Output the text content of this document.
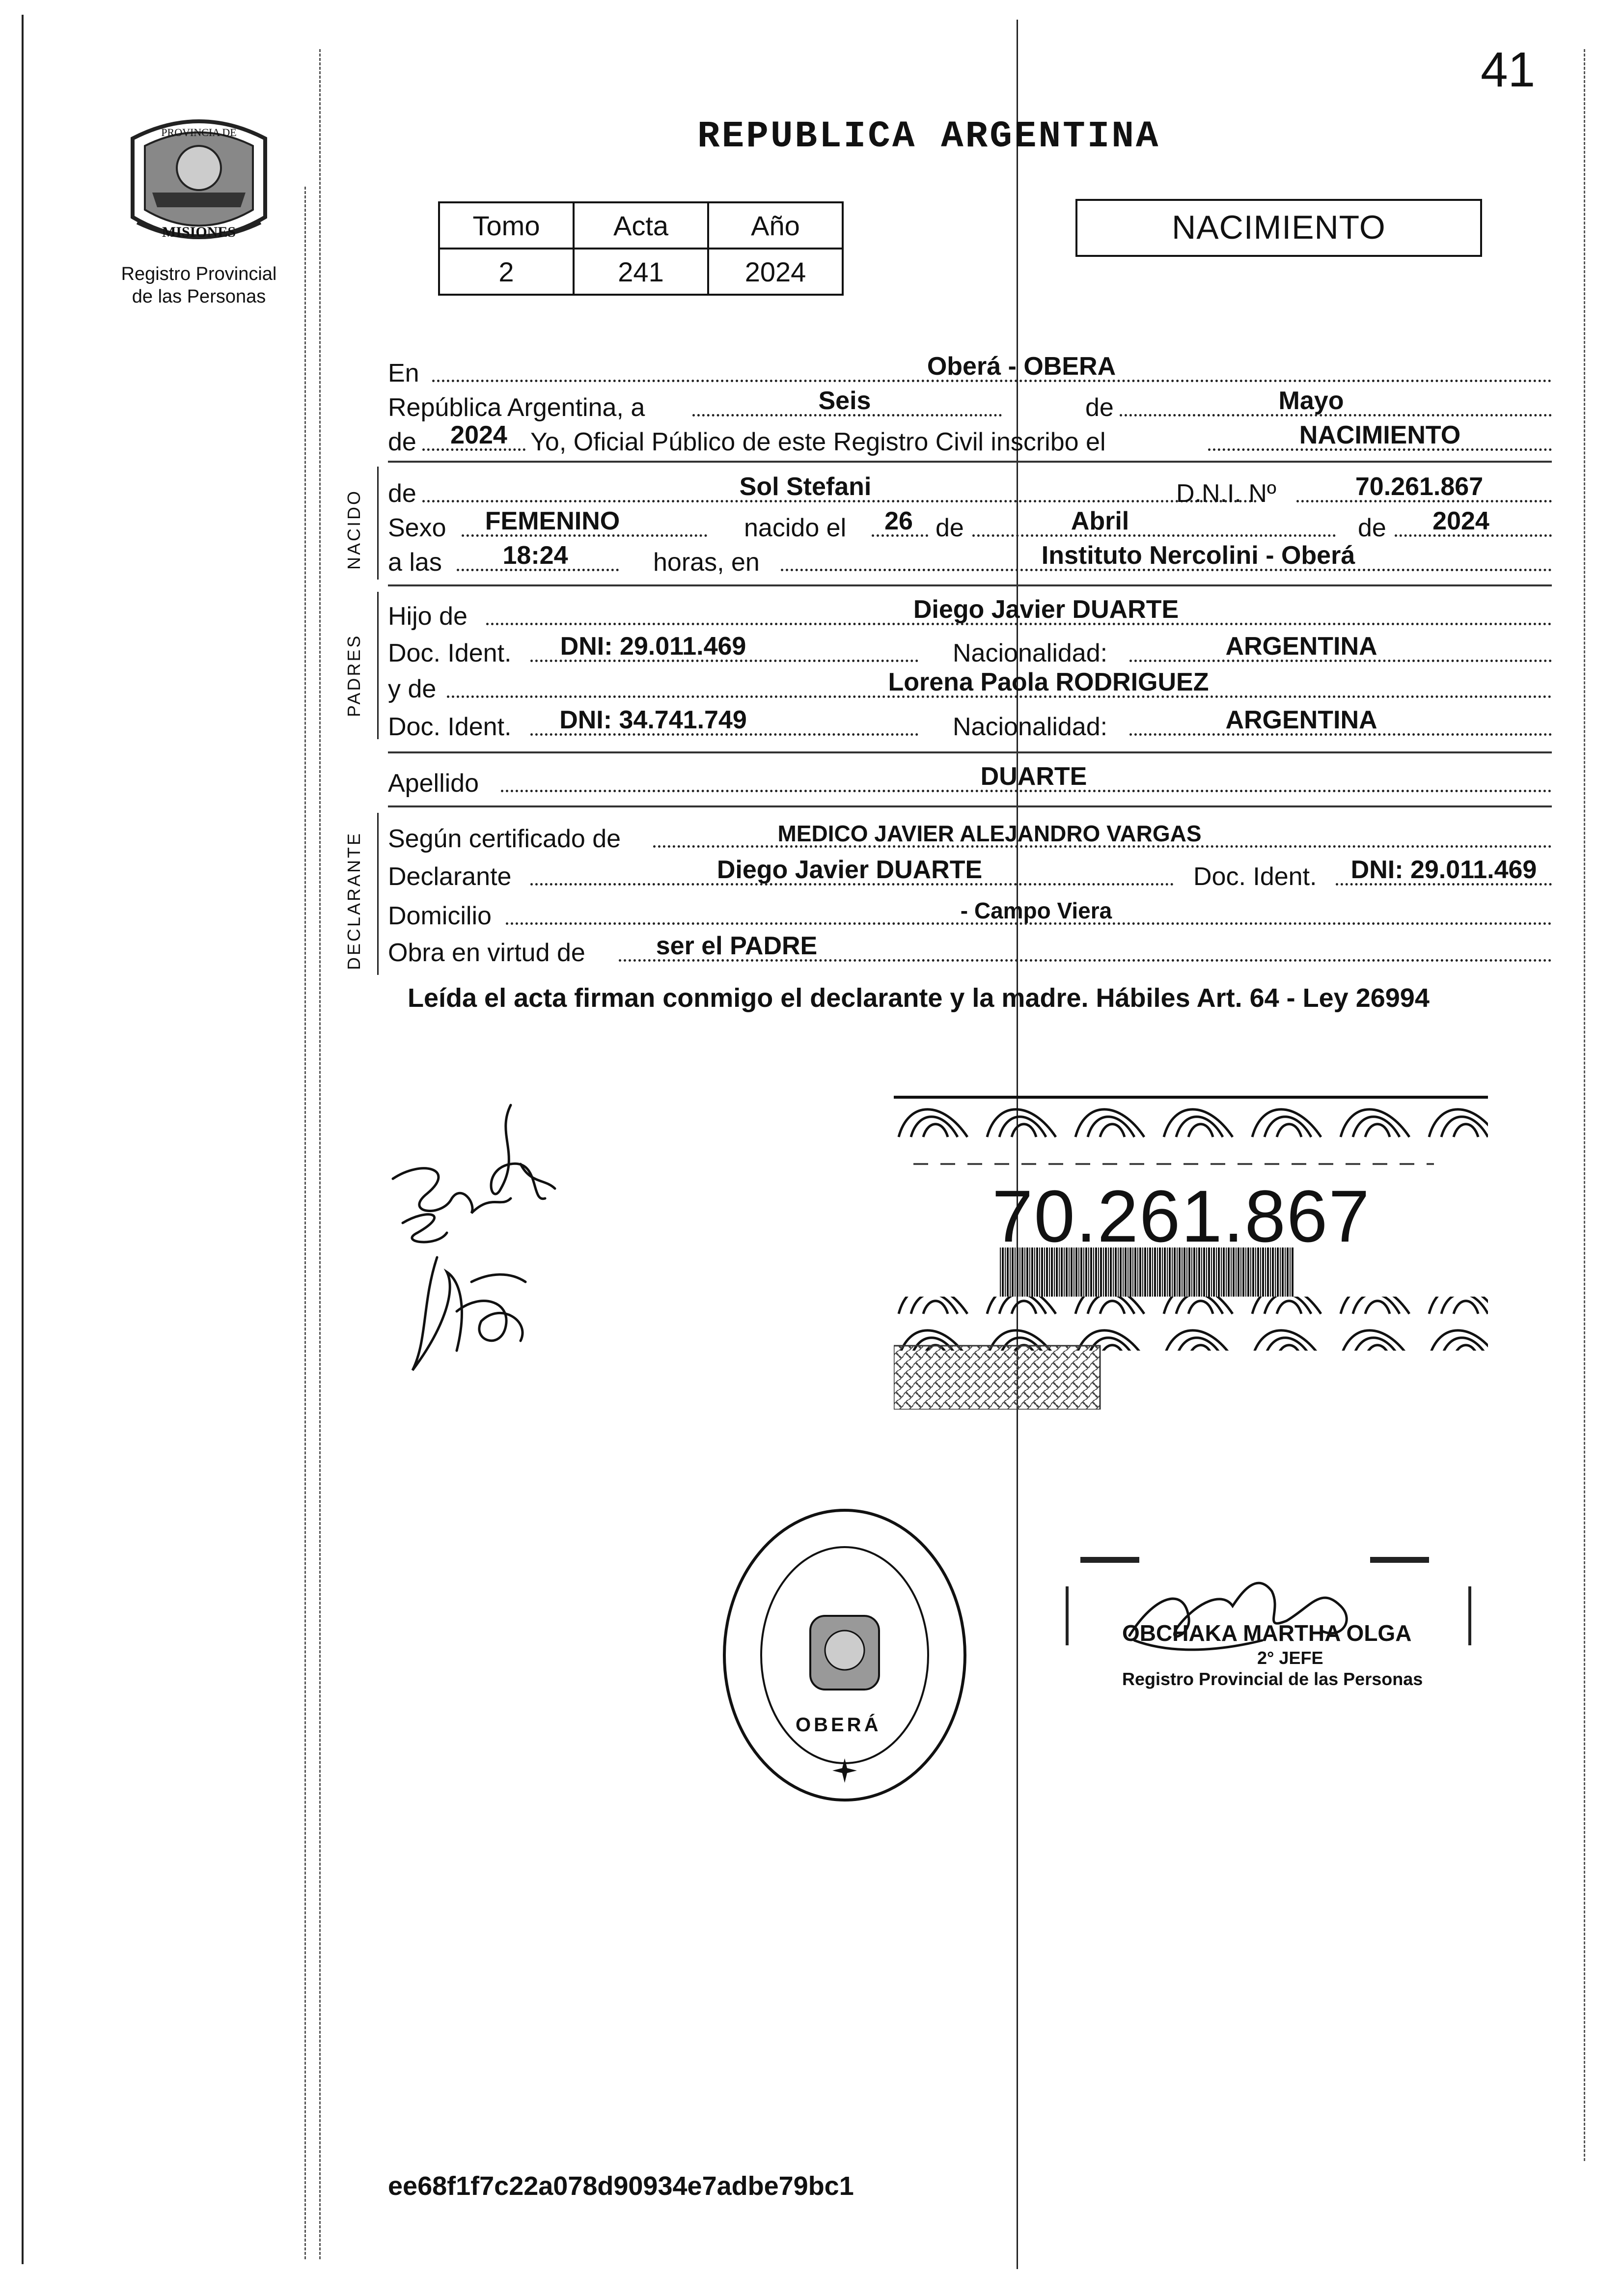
MISIONES
PROVINCIA DE
Registro Provincial
de las Personas
41
REPUBLICA ARGENTINA
Tomo	Acta	Año
2	241	2024
NACIMIENTO
En	Oberá - OBERA
República Argentina, a	Seis	de	Mayo
de	2024 Yo, Oficial Público de este Registro Civil inscribo el	NACIMIENTO
NACIDO de	Sol Stefani	D.N.I. Nº	70.261.867
Sexo	FEMENINO	nacido el	26 de	Abril	de	2024
a las	18:24	horas, en	Instituto Nercolini - Oberá
PADRES
Hijo de	Diego Javier DUARTE
Doc. Ident.	DNI: 29.011.469	Nacionalidad:	ARGENTINA
y de	Lorena Paola RODRIGUEZ
Doc. Ident.	DNI: 34.741.749	Nacionalidad:	ARGENTINA
Apellido	DUARTE
DECLARANTE Según certificado de	MEDICO JAVIER ALEJANDRO VARGAS
Declarante	Diego Javier DUARTE	Doc. Ident.	DNI: 29.011.469
Domicilio	- Campo Viera
Obra en virtud de	ser el PADRE
Leída el acta firman conmigo el declarante y la madre. Hábiles Art. 64 - Ley 26994
70.261.867
OBERÁ
OBCHAKA MARTHA OLGA
2° JEFE
Registro Provincial de las Personas
ee68f1f7c22a078d90934e7adbe79bc1
